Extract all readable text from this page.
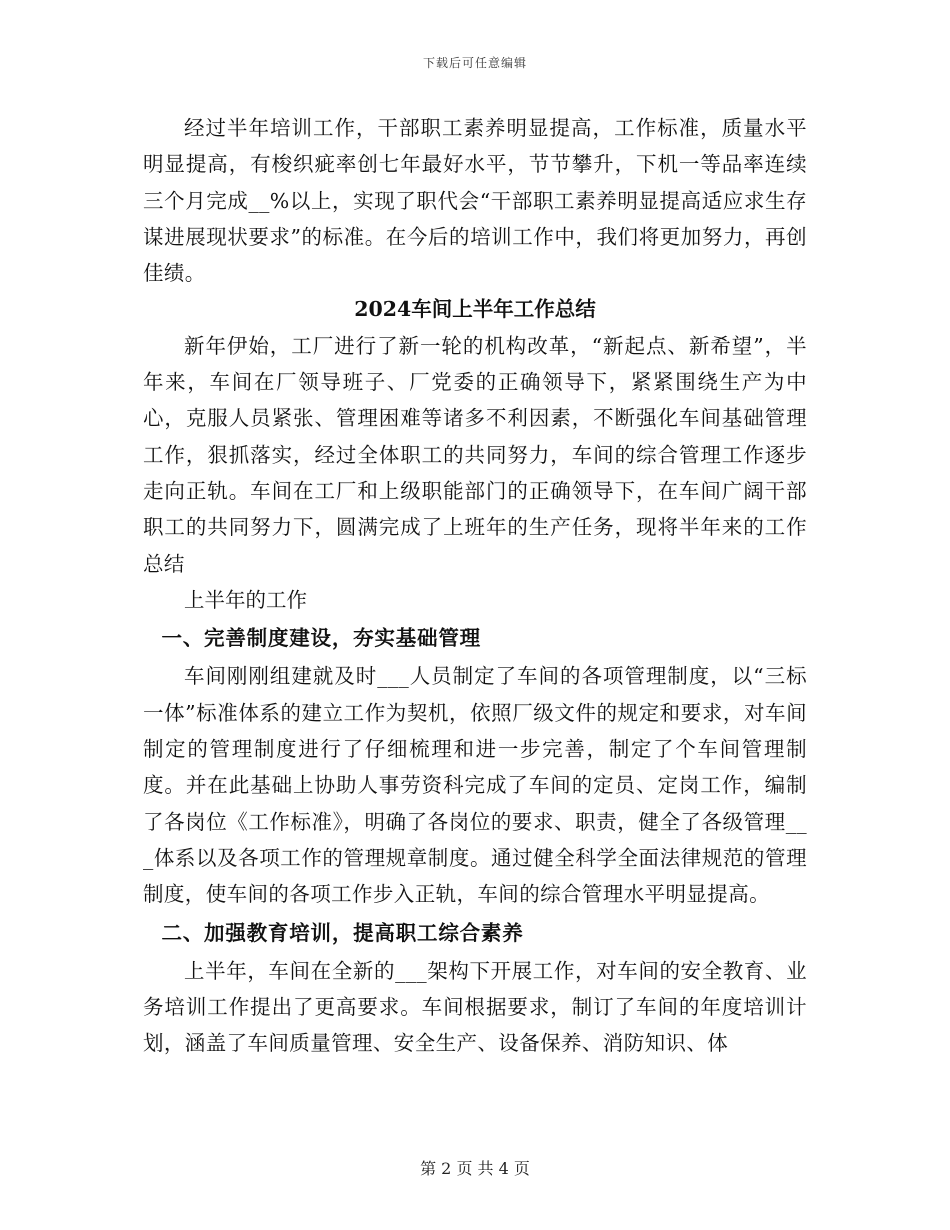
下载后可任意编辑

经过半年培训工作，干部职工素养明显提高，工作标准，质量水平明显提高，有梭织疵率创七年最好水平，节节攀升，下机一等品率连续三个月完成__%以上，实现了职代会“干部职工素养明显提高适应求生存谋进展现状要求”的标准。在今后的培训工作中，我们将更加努力，再创佳绩。

2024车间上半年工作总结

新年伊始，工厂进行了新一轮的机构改革，“新起点、新希望”，半年来，车间在厂领导班子、厂党委的正确领导下，紧紧围绕生产为中心，克服人员紧张、管理困难等诸多不利因素，不断强化车间基础管理工作，狠抓落实，经过全体职工的共同努力，车间的综合管理工作逐步走向正轨。车间在工厂和上级职能部门的正确领导下，在车间广阔干部职工的共同努力下，圆满完成了上班年的生产任务，现将半年来的工作总结

上半年的工作

一、完善制度建设，夯实基础管理

车间刚刚组建就及时___人员制定了车间的各项管理制度，以“三标一体”标准体系的建立工作为契机，依照厂级文件的规定和要求，对车间制定的管理制度进行了仔细梳理和进一步完善，制定了个车间管理制度。并在此基础上协助人事劳资科完成了车间的定员、定岗工作，编制了各岗位《工作标准》，明确了各岗位的要求、职责，健全了各级管理___体系以及各项工作的管理规章制度。通过健全科学全面法律规范的管理制度，使车间的各项工作步入正轨，车间的综合管理水平明显提高。

二、加强教育培训，提高职工综合素养

上半年，车间在全新的___架构下开展工作，对车间的安全教育、业务培训工作提出了更高要求。车间根据要求，制订了车间的年度培训计划，涵盖了车间质量管理、安全生产、设备保养、消防知识、体

第 2 页 共 4 页
